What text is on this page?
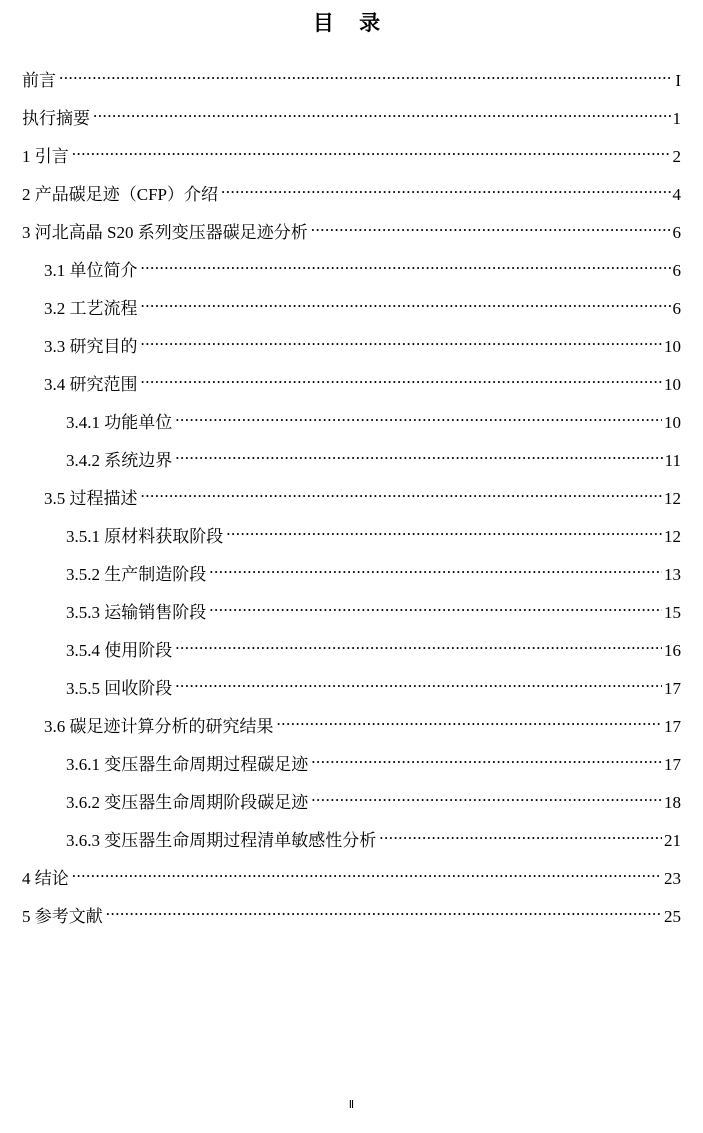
目 录
前言 .....	I
执行摘要 .....	1
1 引言 .....	2
2 产品碳足迹（CFP）介绍 .....	4
3 河北高晶 S20 系列变压器碳足迹分析 .....	6
3.1 单位简介 .....	6
3.2 工艺流程 .....	6
3.3 研究目的 .....	10
3.4 研究范围 .....	10
3.4.1 功能单位 .....	10
3.4.2 系统边界 .....	11
3.5 过程描述 .....	12
3.5.1 原材料获取阶段 .....	12
3.5.2 生产制造阶段 .....	13
3.5.3 运输销售阶段 .....	15
3.5.4 使用阶段 .....	16
3.5.5 回收阶段 .....	17
3.6 碳足迹计算分析的研究结果 .....	17
3.6.1 变压器生命周期过程碳足迹 .....	17
3.6.2 变压器生命周期阶段碳足迹 .....	18
3.6.3 变压器生命周期过程清单敏感性分析 .....	21
4 结论 .....	23
5 参考文献 .....	25
Ⅱ
